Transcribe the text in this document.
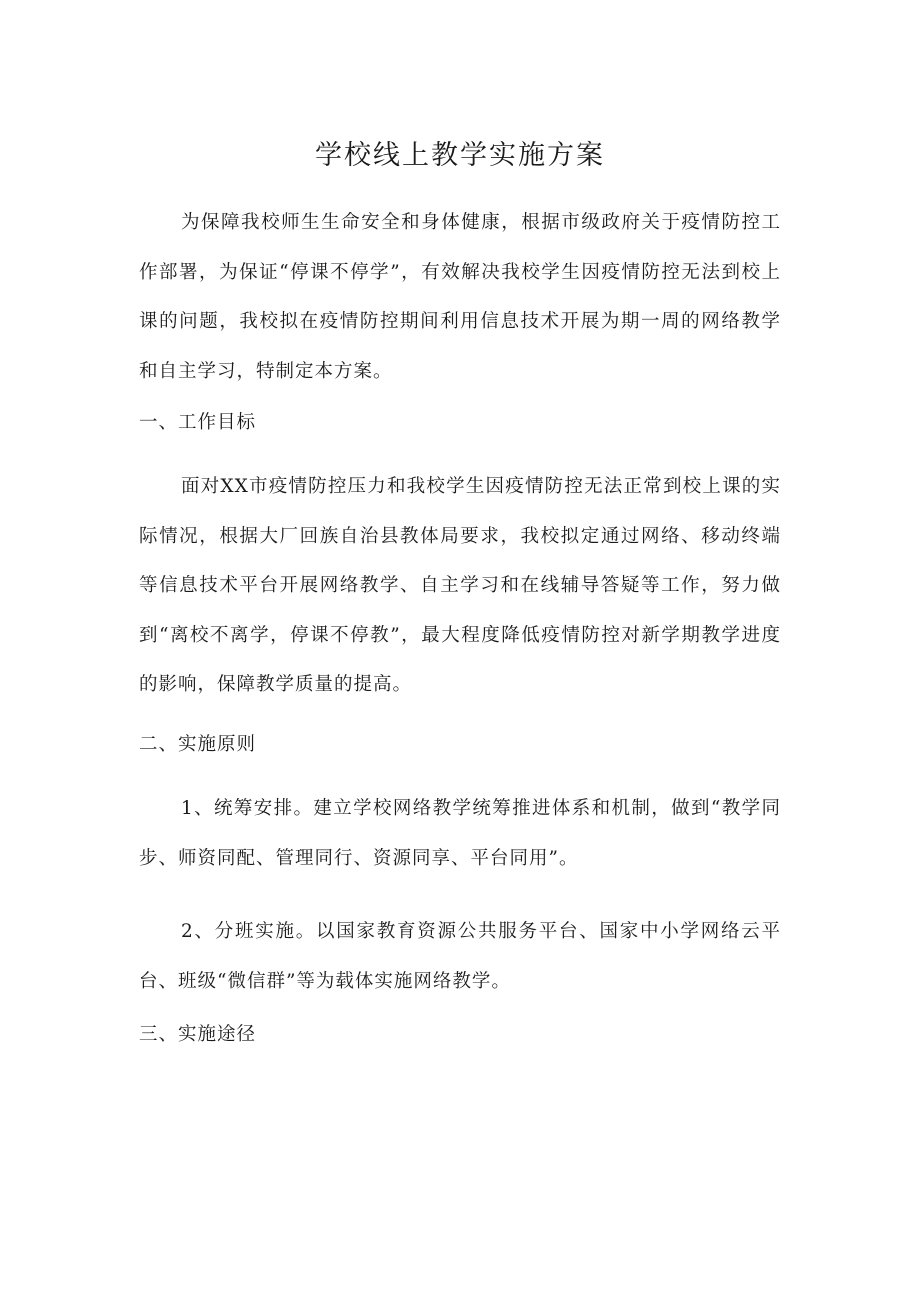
学校线上教学实施方案

为保障我校师生生命安全和身体健康，根据市级政府关于疫情防控工作部署，为保证“停课不停学”，有效解决我校学生因疫情防控无法到校上课的问题，我校拟在疫情防控期间利用信息技术开展为期一周的网络教学和自主学习，特制定本方案。

一、工作目标

面对XX市疫情防控压力和我校学生因疫情防控无法正常到校上课的实际情况，根据大厂回族自治县教体局要求，我校拟定通过网络、移动终端等信息技术平台开展网络教学、自主学习和在线辅导答疑等工作，努力做到“离校不离学，停课不停教”，最大程度降低疫情防控对新学期教学进度的影响，保障教学质量的提高。

二、实施原则

1、统筹安排。建立学校网络教学统筹推进体系和机制，做到“教学同步、师资同配、管理同行、资源同享、平台同用”。

2、分班实施。以国家教育资源公共服务平台、国家中小学网络云平台、班级“微信群”等为载体实施网络教学。

三、实施途径
